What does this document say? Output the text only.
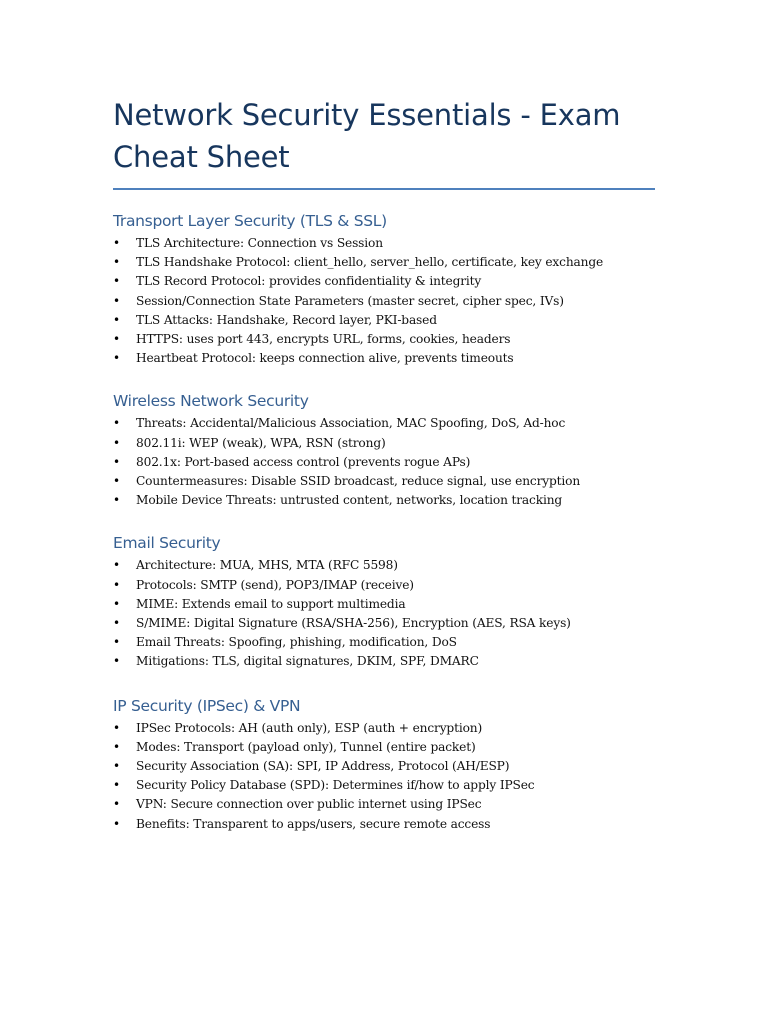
Network Security Essentials - Exam Cheat Sheet
Transport Layer Security (TLS & SSL)
• TLS Architecture: Connection vs Session
• TLS Handshake Protocol: client_hello, server_hello, certificate, key exchange
• TLS Record Protocol: provides confidentiality & integrity
• Session/Connection State Parameters (master secret, cipher spec, IVs)
• TLS Attacks: Handshake, Record layer, PKI-based
• HTTPS: uses port 443, encrypts URL, forms, cookies, headers
• Heartbeat Protocol: keeps connection alive, prevents timeouts
Wireless Network Security
• Threats: Accidental/Malicious Association, MAC Spoofing, DoS, Ad-hoc
• 802.11i: WEP (weak), WPA, RSN (strong)
• 802.1x: Port-based access control (prevents rogue APs)
• Countermeasures: Disable SSID broadcast, reduce signal, use encryption
• Mobile Device Threats: untrusted content, networks, location tracking
Email Security
• Architecture: MUA, MHS, MTA (RFC 5598)
• Protocols: SMTP (send), POP3/IMAP (receive)
• MIME: Extends email to support multimedia
• S/MIME: Digital Signature (RSA/SHA-256), Encryption (AES, RSA keys)
• Email Threats: Spoofing, phishing, modification, DoS
• Mitigations: TLS, digital signatures, DKIM, SPF, DMARC
IP Security (IPSec) & VPN
• IPSec Protocols: AH (auth only), ESP (auth + encryption)
• Modes: Transport (payload only), Tunnel (entire packet)
• Security Association (SA): SPI, IP Address, Protocol (AH/ESP)
• Security Policy Database (SPD): Determines if/how to apply IPSec
• VPN: Secure connection over public internet using IPSec
• Benefits: Transparent to apps/users, secure remote access
